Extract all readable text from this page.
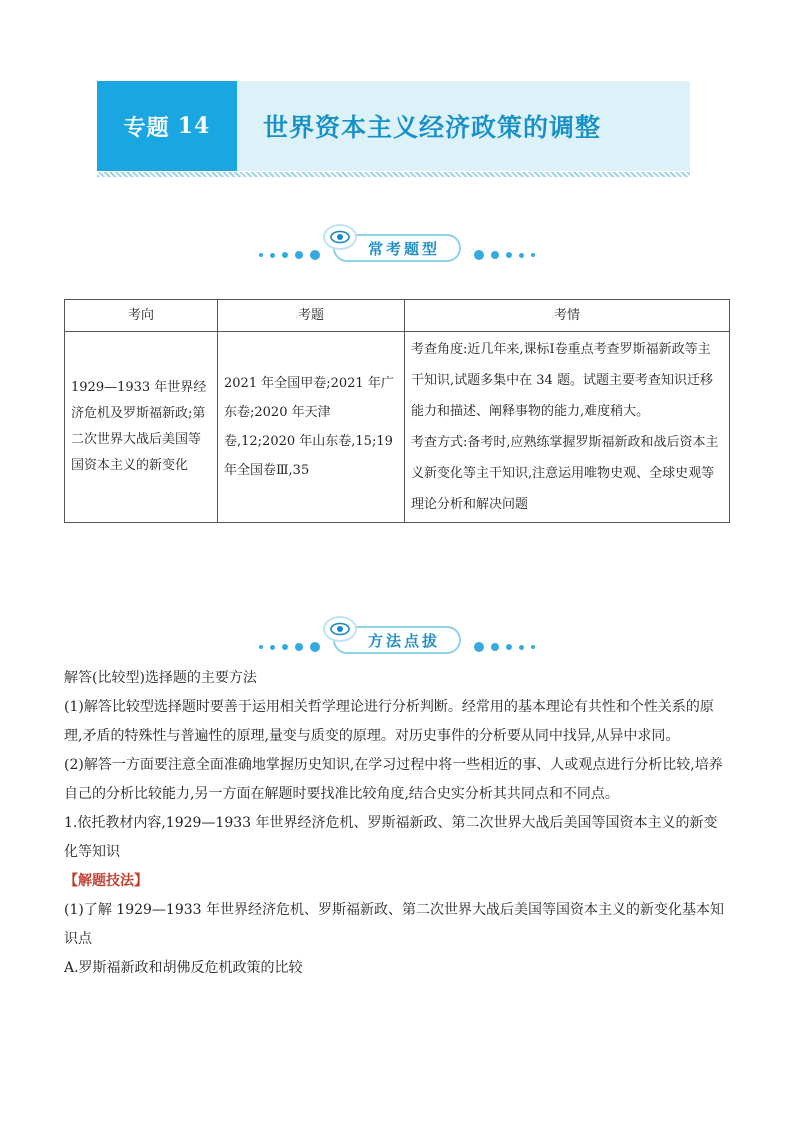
专题 14 世界资本主义经济政策的调整
常考题型
考向	考题	考情
1929—1933 年世界经济危机及罗斯福新政;第二次世界大战后美国等国资本主义的新变化	2021 年全国甲卷;2021 年广东卷;2020 年天津卷,12;2020 年山东卷,15;19 年全国卷Ⅲ,35	考查角度:近几年来,课标Ⅰ卷重点考查罗斯福新政等主干知识,试题多集中在 34 题。试题主要考查知识迁移能力和描述、阐释事物的能力,难度稍大。
考查方式:备考时,应熟练掌握罗斯福新政和战后资本主义新变化等主干知识,注意运用唯物史观、全球史观等理论分析和解决问题
方法点拔

解答(比较型)选择题的主要方法

(1)解答比较型选择题时要善于运用相关哲学理论进行分析判断。经常用的基本理论有共性和个性关系的原理,矛盾的特殊性与普遍性的原理,量变与质变的原理。对历史事件的分析要从同中找异,从异中求同。

(2)解答一方面要注意全面准确地掌握历史知识,在学习过程中将一些相近的事、人或观点进行分析比较,培养自己的分析比较能力,另一方面在解题时要找准比较角度,结合史实分析其共同点和不同点。

1.依托教材内容,1929—1933 年世界经济危机、罗斯福新政、第二次世界大战后美国等国资本主义的新变化等知识

【解题技法】

(1)了解 1929—1933 年世界经济危机、罗斯福新政、第二次世界大战后美国等国资本主义的新变化基本知识点

A.罗斯福新政和胡佛反危机政策的比较
